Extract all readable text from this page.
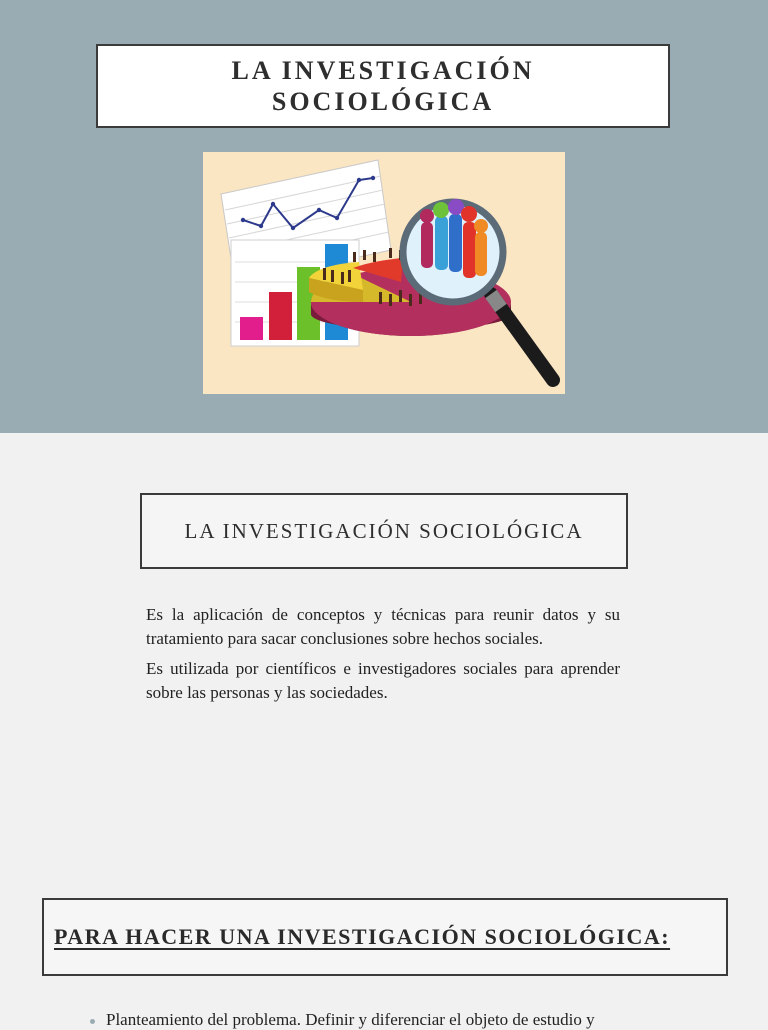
LA INVESTIGACIÓN
SOCIOLÓGICA
LA INVESTIGACIÓN SOCIOLÓGICA

Es la aplicación de conceptos y técnicas para reunir datos y su tratamiento para sacar conclusiones sobre hechos sociales.

Es utilizada por científicos e investigadores sociales para aprender sobre las personas y las sociedades.

PARA HACER UNA INVESTIGACIÓN SOCIOLÓGICA:
Planteamiento del problema. Definir y diferenciar el objeto de estudio y
